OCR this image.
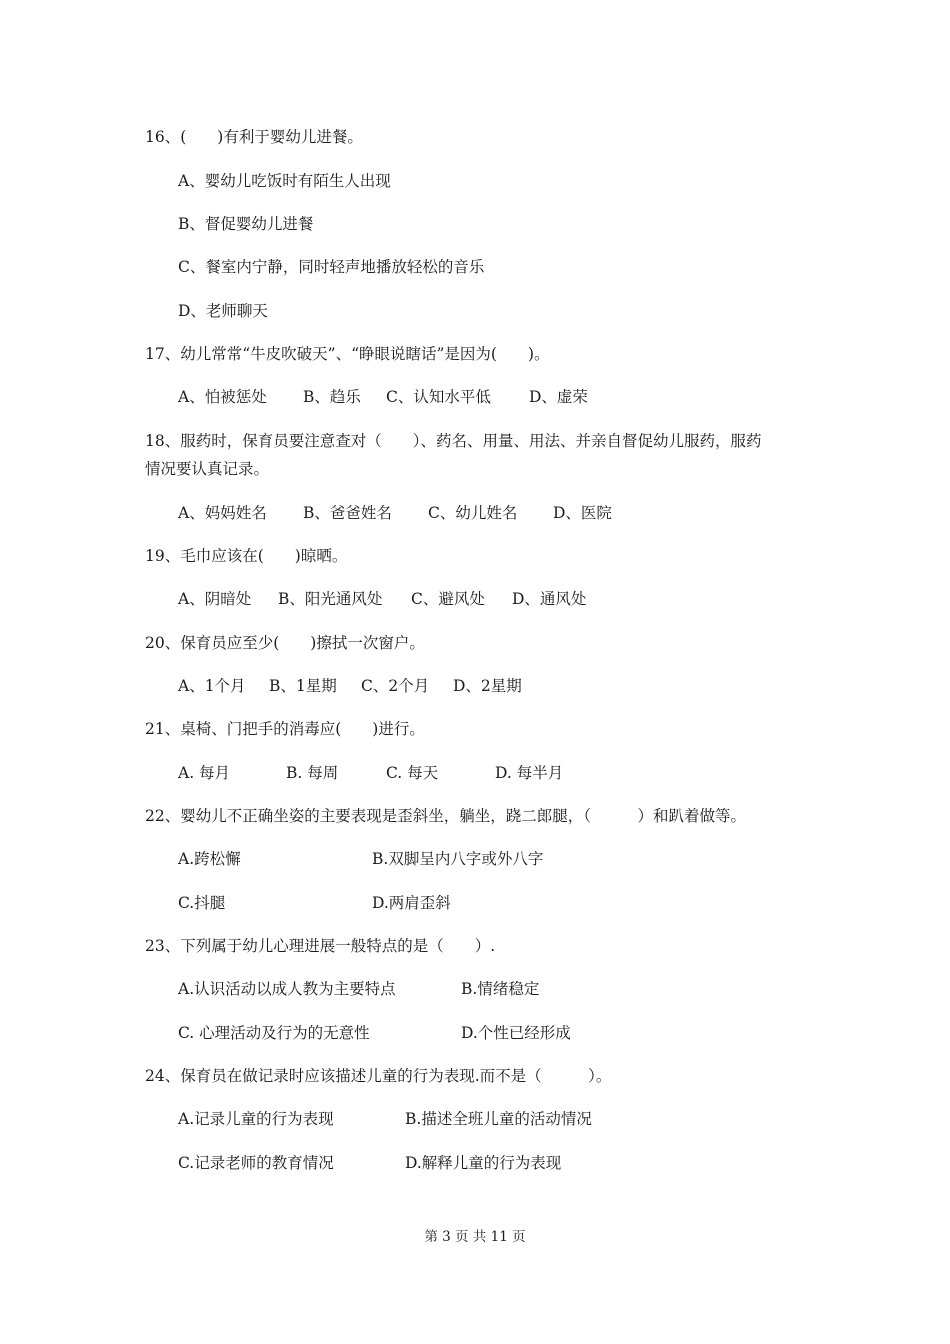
16、(　　)有利于婴幼儿进餐。
A、婴幼儿吃饭时有陌生人出现
B、督促婴幼儿进餐
C、餐室内宁静，同时轻声地播放轻松的音乐
D、老师聊天
17、幼儿常常“牛皮吹破天”、“睁眼说瞎话”是因为(　　)。
A、怕被惩处 B、趋乐 C、认知水平低 D、虚荣
18、服药时，保育员要注意查对（　　）、药名、用量、用法、并亲自督促幼儿服药，服药
情况要认真记录。
A、妈妈姓名 B、爸爸姓名 C、幼儿姓名 D、医院
19、毛巾应该在(　　)晾晒。
A、阴暗处 B、阳光通风处 C、避风处 D、通风处
20、保育员应至少(　　)擦拭一次窗户。
A、1个月 B、1星期 C、2个月 D、2星期
21、桌椅、门把手的消毒应(　　)进行。
A. 每月	B. 每周	C. 每天	D. 每半月
22、婴幼儿不正确坐姿的主要表现是歪斜坐，躺坐，跷二郎腿，（　　　）和趴着做等。
A.跨松懈	B.双脚呈内八字或外八字
C.抖腿	D.两肩歪斜
23、下列属于幼儿心理进展一般特点的是（　　）.
A.认识活动以成人教为主要特点	B.情绪稳定
C. 心理活动及行为的无意性	D.个性已经形成
24、保育员在做记录时应该描述儿童的行为表现.而不是（　　　）。
A.记录儿童的行为表现	B.描述全班儿童的活动情况
C.记录老师的教育情况	D.解释儿童的行为表现
第 3 页 共 11 页
